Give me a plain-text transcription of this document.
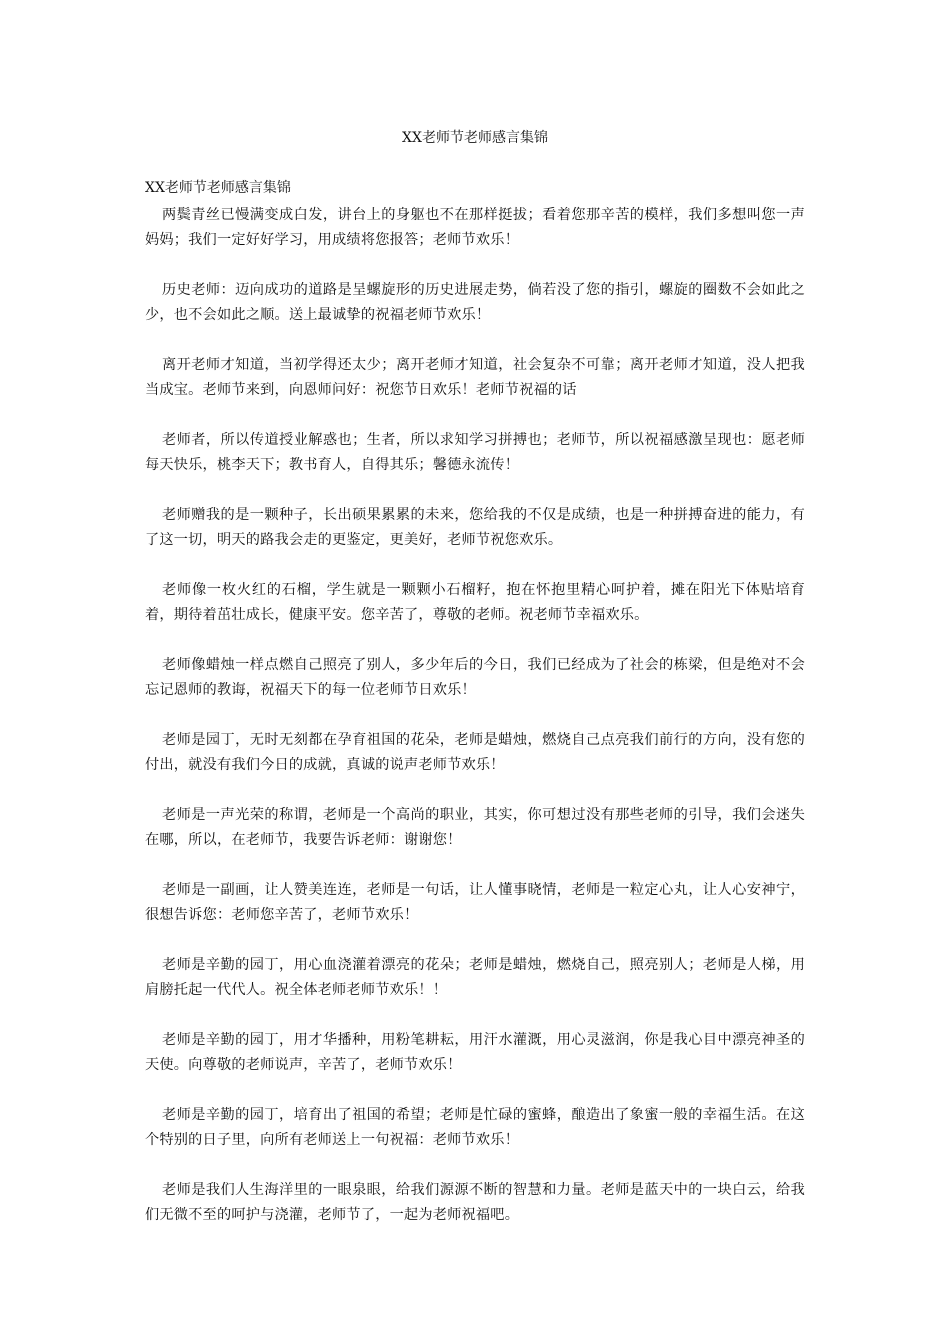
XX老师节老师感言集锦
XX老师节老师感言集锦

两鬓青丝已慢满变成白发，讲台上的身躯也不在那样挺拔；看着您那辛苦的模样，我们多想叫您一声妈妈；我们一定好好学习，用成绩将您报答；老师节欢乐！

历史老师：迈向成功的道路是呈螺旋形的历史进展走势，倘若没了您的指引，螺旋的圈数不会如此之少，也不会如此之顺。送上最诚挚的祝福老师节欢乐！

离开老师才知道，当初学得还太少；离开老师才知道，社会复杂不可靠；离开老师才知道，没人把我当成宝。老师节来到，向恩师问好：祝您节日欢乐！老师节祝福的话

老师者，所以传道授业解惑也；生者，所以求知学习拼搏也；老师节，所以祝福感激呈现也：愿老师每天快乐，桃李天下；教书育人，自得其乐；馨德永流传！

老师赠我的是一颗种子，长出硕果累累的未来，您给我的不仅是成绩，也是一种拼搏奋进的能力，有了这一切，明天的路我会走的更鉴定，更美好，老师节祝您欢乐。

老师像一枚火红的石榴，学生就是一颗颗小石榴籽，抱在怀抱里精心呵护着，摊在阳光下体贴培育着，期待着茁壮成长，健康平安。您辛苦了，尊敬的老师。祝老师节幸福欢乐。

老师像蜡烛一样点燃自己照亮了别人，多少年后的今日，我们已经成为了社会的栋梁，但是绝对不会忘记恩师的教诲，祝福天下的每一位老师节日欢乐！

老师是园丁，无时无刻都在孕育祖国的花朵，老师是蜡烛，燃烧自己点亮我们前行的方向，没有您的付出，就没有我们今日的成就，真诚的说声老师节欢乐！

老师是一声光荣的称谓，老师是一个高尚的职业，其实，你可想过没有那些老师的引导，我们会迷失在哪，所以，在老师节，我要告诉老师：谢谢您！

老师是一副画，让人赞美连连，老师是一句话，让人懂事晓情，老师是一粒定心丸，让人心安神宁，很想告诉您：老师您辛苦了，老师节欢乐！

老师是辛勤的园丁，用心血浇灌着漂亮的花朵；老师是蜡烛，燃烧自己，照亮别人；老师是人梯，用肩膀托起一代代人。祝全体老师老师节欢乐！！

老师是辛勤的园丁，用才华播种，用粉笔耕耘，用汗水灌溉，用心灵滋润，你是我心目中漂亮神圣的天使。向尊敬的老师说声，辛苦了，老师节欢乐！

老师是辛勤的园丁，培育出了祖国的希望；老师是忙碌的蜜蜂，酿造出了象蜜一般的幸福生活。在这个特别的日子里，向所有老师送上一句祝福：老师节欢乐！

老师是我们人生海洋里的一眼泉眼，给我们源源不断的智慧和力量。老师是蓝天中的一块白云，给我们无微不至的呵护与浇灌，老师节了，一起为老师祝福吧。
